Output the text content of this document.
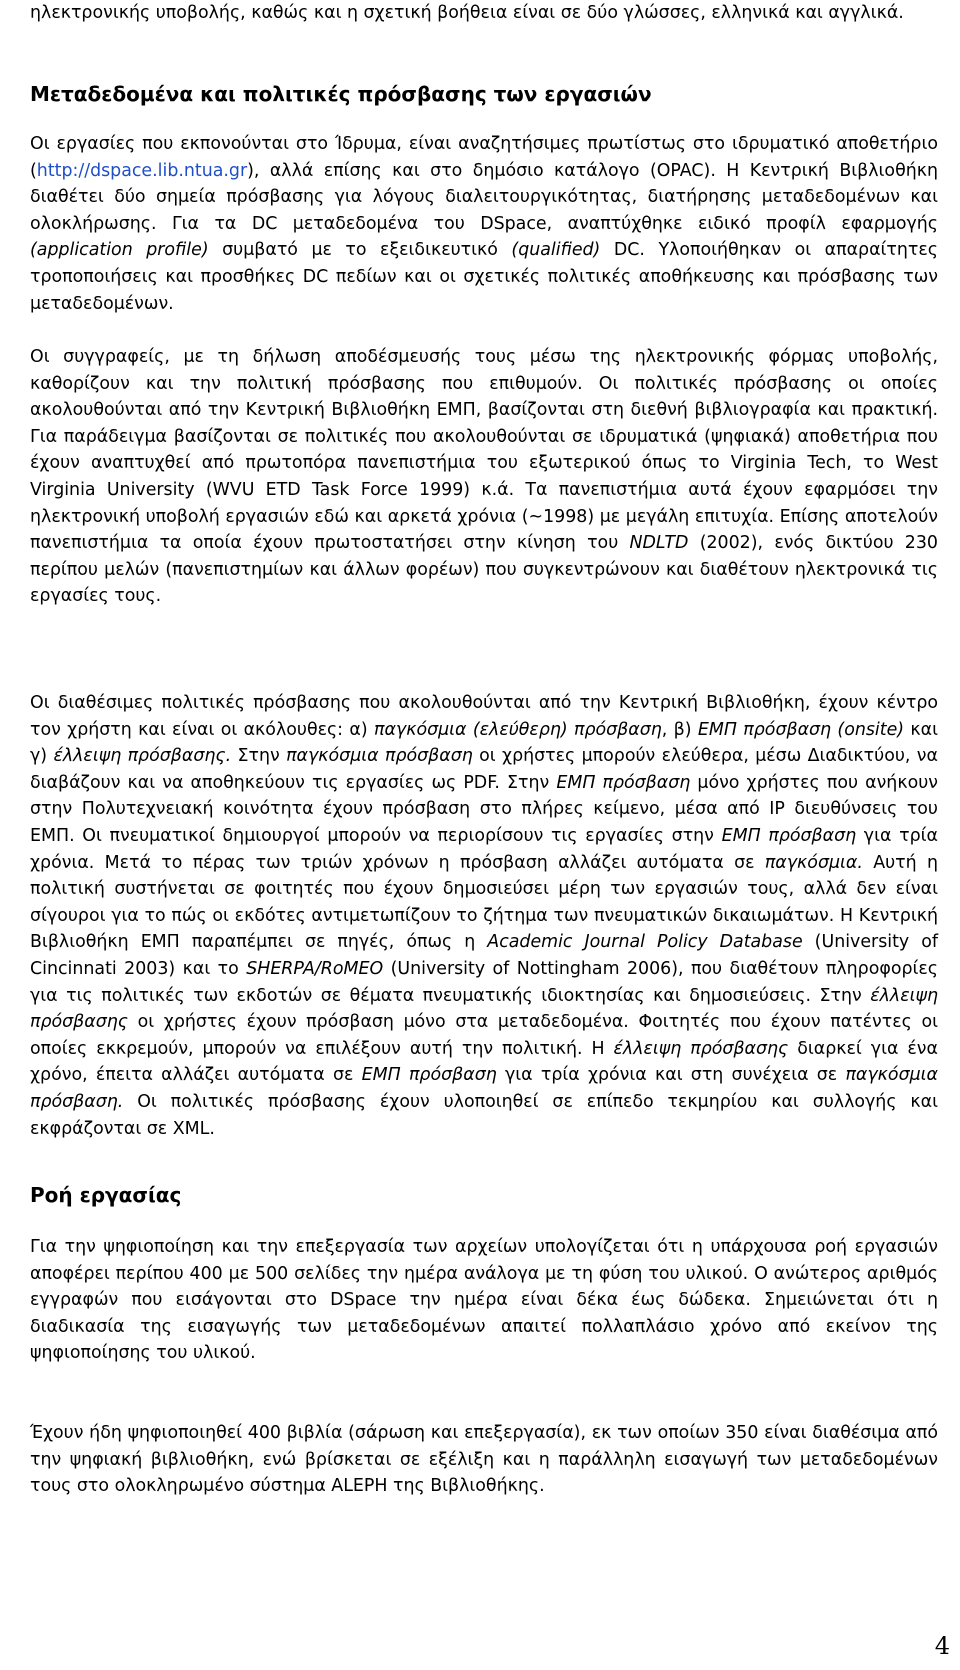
ηλεκτρονικής υποβολής, καθώς και η σχετική βοήθεια είναι σε δύο γλώσσες, ελληνικά και αγγλικά.

Μεταδεδομένα και πολιτικές πρόσβασης των εργασιών

Οι εργασίες που εκπονούνται στο Ίδρυμα, είναι αναζητήσιμες πρωτίστως στο ιδρυματικό αποθετήριο (http://dspace.lib.ntua.gr), αλλά επίσης και στο δημόσιο κατάλογο (OPAC). Η Κεντρική Βιβλιοθήκη διαθέτει δύο σημεία πρόσβασης για λόγους διαλειτουργικότητας, διατήρησης μεταδεδομένων και ολοκλήρωσης. Για τα DC μεταδεδομένα του DSpace, αναπτύχθηκε ειδικό προφίλ εφαρμογής (application profile) συμβατό με το εξειδικευτικό (qualified) DC. Υλοποιήθηκαν οι απαραίτητες τροποποιήσεις και προσθήκες DC πεδίων και οι σχετικές πολιτικές αποθήκευσης και πρόσβασης των μεταδεδομένων.

Οι συγγραφείς, με τη δήλωση αποδέσμευσής τους μέσω της ηλεκτρονικής φόρμας υποβολής, καθορίζουν και την πολιτική πρόσβασης που επιθυμούν. Οι πολιτικές πρόσβασης οι οποίες ακολουθούνται από την Κεντρική Βιβλιοθήκη ΕΜΠ, βασίζονται στη διεθνή βιβλιογραφία και πρακτική. Για παράδειγμα βασίζονται σε πολιτικές που ακολουθούνται σε ιδρυματικά (ψηφιακά) αποθετήρια που έχουν αναπτυχθεί από πρωτοπόρα πανεπιστήμια του εξωτερικού όπως το Virginia Tech, το West Virginia University (WVU ETD Task Force 1999) κ.ά. Τα πανεπιστήμια αυτά έχουν εφαρμόσει την ηλεκτρονική υποβολή εργασιών εδώ και αρκετά χρόνια (~1998) με μεγάλη επιτυχία. Επίσης αποτελούν πανεπιστήμια τα οποία έχουν πρωτοστατήσει στην κίνηση του NDLTD (2002), ενός δικτύου 230 περίπου μελών (πανεπιστημίων και άλλων φορέων) που συγκεντρώνουν και διαθέτουν ηλεκτρονικά τις εργασίες τους.

Οι διαθέσιμες πολιτικές πρόσβασης που ακολουθούνται από την Κεντρική Βιβλιοθήκη, έχουν κέντρο τον χρήστη και είναι οι ακόλουθες: α) παγκόσμια (ελεύθερη) πρόσβαση, β) ΕΜΠ πρόσβαση (onsite) και γ) έλλειψη πρόσβασης. Στην παγκόσμια πρόσβαση οι χρήστες μπορούν ελεύθερα, μέσω Διαδικτύου, να διαβάζουν και να αποθηκεύουν τις εργασίες ως PDF. Στην ΕΜΠ πρόσβαση μόνο χρήστες που ανήκουν στην Πολυτεχνειακή κοινότητα έχουν πρόσβαση στο πλήρες κείμενο, μέσα από IP διευθύνσεις του ΕΜΠ. Οι πνευματικοί δημιουργοί μπορούν να περιορίσουν τις εργασίες στην ΕΜΠ πρόσβαση για τρία χρόνια. Μετά το πέρας των τριών χρόνων η πρόσβαση αλλάζει αυτόματα σε παγκόσμια. Αυτή η πολιτική συστήνεται σε φοιτητές που έχουν δημοσιεύσει μέρη των εργασιών τους, αλλά δεν είναι σίγουροι για το πώς οι εκδότες αντιμετωπίζουν το ζήτημα των πνευματικών δικαιωμάτων. Η Κεντρική Βιβλιοθήκη ΕΜΠ παραπέμπει σε πηγές, όπως η Academic Journal Policy Database (University of Cincinnati 2003) και το SHERPA/RoMEO (University of Nottingham 2006), που διαθέτουν πληροφορίες για τις πολιτικές των εκδοτών σε θέματα πνευματικής ιδιοκτησίας και δημοσιεύσεις. Στην έλλειψη πρόσβασης οι χρήστες έχουν πρόσβαση μόνο στα μεταδεδομένα. Φοιτητές που έχουν πατέντες οι οποίες εκκρεμούν, μπορούν να επιλέξουν αυτή την πολιτική. Η έλλειψη πρόσβασης διαρκεί για ένα χρόνο, έπειτα αλλάζει αυτόματα σε ΕΜΠ πρόσβαση για τρία χρόνια και στη συνέχεια σε παγκόσμια πρόσβαση. Οι πολιτικές πρόσβασης έχουν υλοποιηθεί σε επίπεδο τεκμηρίου και συλλογής και εκφράζονται σε XML.

Ροή εργασίας

Για την ψηφιοποίηση και την επεξεργασία των αρχείων υπολογίζεται ότι η υπάρχουσα ροή εργασιών αποφέρει περίπου 400 με 500 σελίδες την ημέρα ανάλογα με τη φύση του υλικού. Ο ανώτερος αριθμός εγγραφών που εισάγονται στο DSpace την ημέρα είναι δέκα έως δώδεκα. Σημειώνεται ότι η διαδικασία της εισαγωγής των μεταδεδομένων απαιτεί πολλαπλάσιο χρόνο από εκείνον της ψηφιοποίησης του υλικού.

Έχουν ήδη ψηφιοποιηθεί 400 βιβλία (σάρωση και επεξεργασία), εκ των οποίων 350 είναι διαθέσιμα από την ψηφιακή βιβλιοθήκη, ενώ βρίσκεται σε εξέλιξη και η παράλληλη εισαγωγή των μεταδεδομένων τους στο ολοκληρωμένο σύστημα ALEPH της Βιβλιοθήκης.

4
